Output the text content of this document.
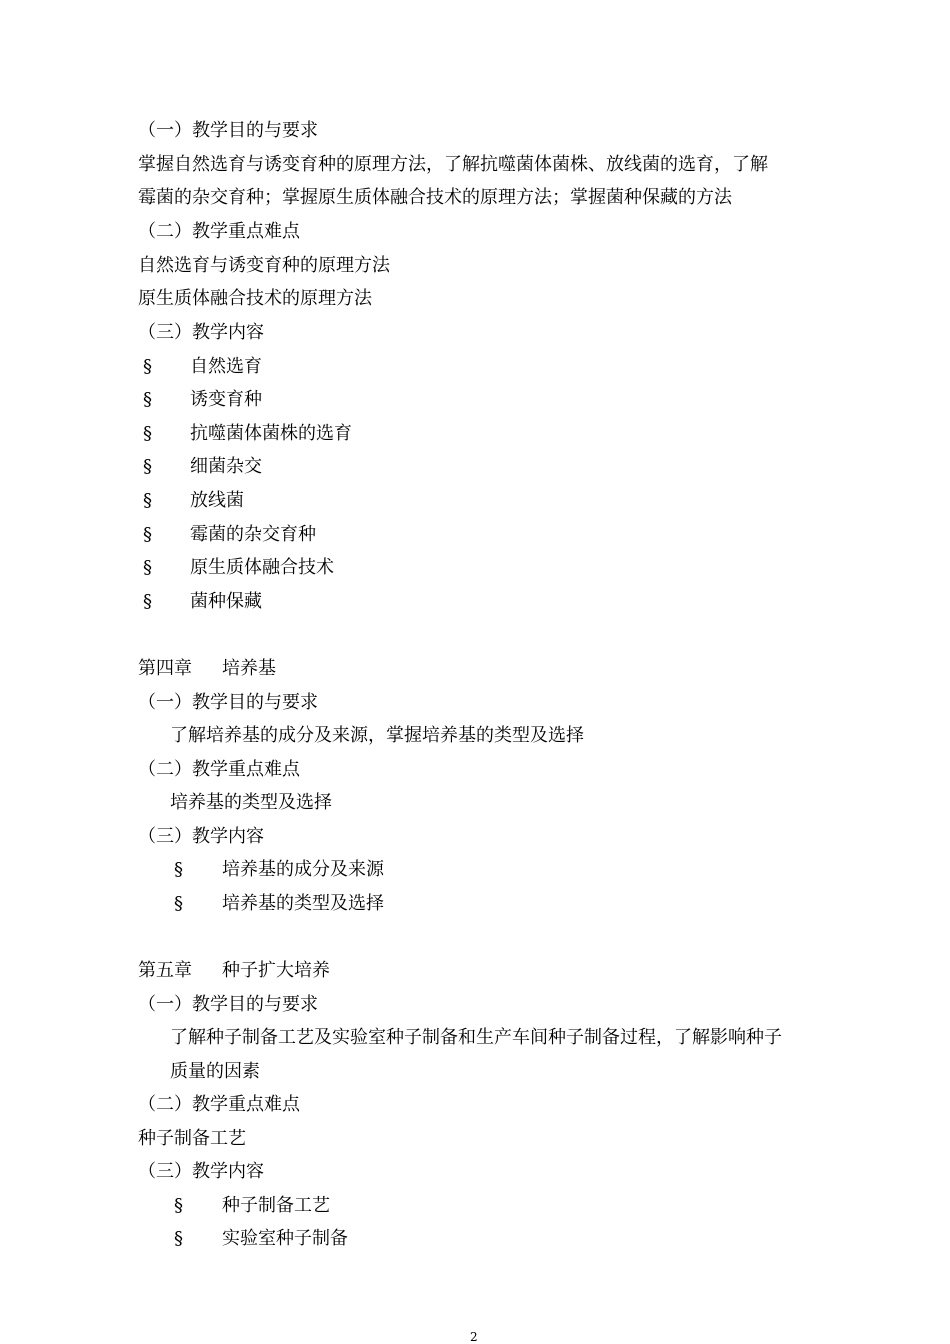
（一）教学目的与要求
掌握自然选育与诱变育种的原理方法，了解抗噬菌体菌株、放线菌的选育，了解
霉菌的杂交育种；掌握原生质体融合技术的原理方法；掌握菌种保藏的方法
（二）教学重点难点
自然选育与诱变育种的原理方法
原生质体融合技术的原理方法
（三）教学内容
§ 自然选育
§ 诱变育种
§ 抗噬菌体菌株的选育
§ 细菌杂交
§ 放线菌
§ 霉菌的杂交育种
§ 原生质体融合技术
§ 菌种保藏
第四章 培养基
（一）教学目的与要求
了解培养基的成分及来源，掌握培养基的类型及选择
（二）教学重点难点
培养基的类型及选择
（三）教学内容
§ 培养基的成分及来源
§ 培养基的类型及选择
第五章 种子扩大培养
（一）教学目的与要求
了解种子制备工艺及实验室种子制备和生产车间种子制备过程，了解影响种子
质量的因素
（二）教学重点难点
种子制备工艺
（三）教学内容
§ 种子制备工艺
§ 实验室种子制备
2
